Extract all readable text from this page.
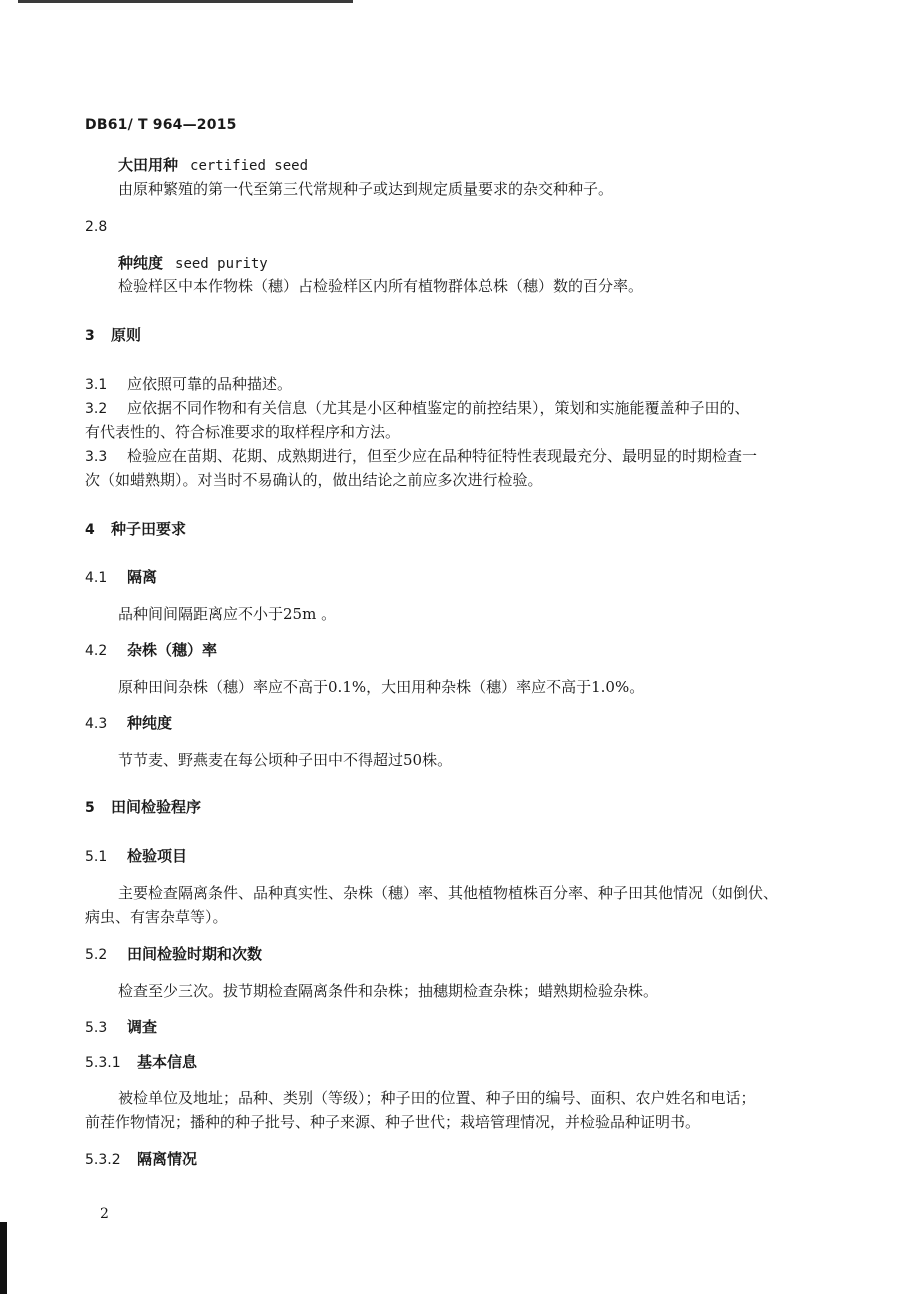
DB61/ T 964—2015
大田用种 certified seed
由原种繁殖的第一代至第三代常规种子或达到规定质量要求的杂交种种子。
2.8
种纯度 seed purity
检验样区中本作物株（穗）占检验样区内所有植物群体总株（穗）数的百分率。
3 原则
3.1 应依照可靠的品种描述。
3.2 应依据不同作物和有关信息（尤其是小区种植鉴定的前控结果），策划和实施能覆盖种子田的、
有代表性的、符合标准要求的取样程序和方法。
3.3 检验应在苗期、花期、成熟期进行，但至少应在品种特征特性表现最充分、最明显的时期检查一
次（如蜡熟期）。对当时不易确认的，做出结论之前应多次进行检验。
4 种子田要求
4.1 隔离
品种间间隔距离应不小于25m 。
4.2 杂株（穗）率
原种田间杂株（穗）率应不高于0.1%，大田用种杂株（穗）率应不高于1.0%。
4.3 种纯度
节节麦、野燕麦在每公顷种子田中不得超过50株。
5 田间检验程序
5.1 检验项目
主要检查隔离条件、品种真实性、杂株（穗）率、其他植物植株百分率、种子田其他情况（如倒伏、
病虫、有害杂草等）。
5.2 田间检验时期和次数
检查至少三次。拔节期检查隔离条件和杂株；抽穗期检查杂株；蜡熟期检验杂株。
5.3 调查
5.3.1 基本信息
被检单位及地址；品种、类别（等级）；种子田的位置、种子田的编号、面积、农户姓名和电话；
前茬作物情况；播种的种子批号、种子来源、种子世代；栽培管理情况，并检验品种证明书。
5.3.2 隔离情况
2
